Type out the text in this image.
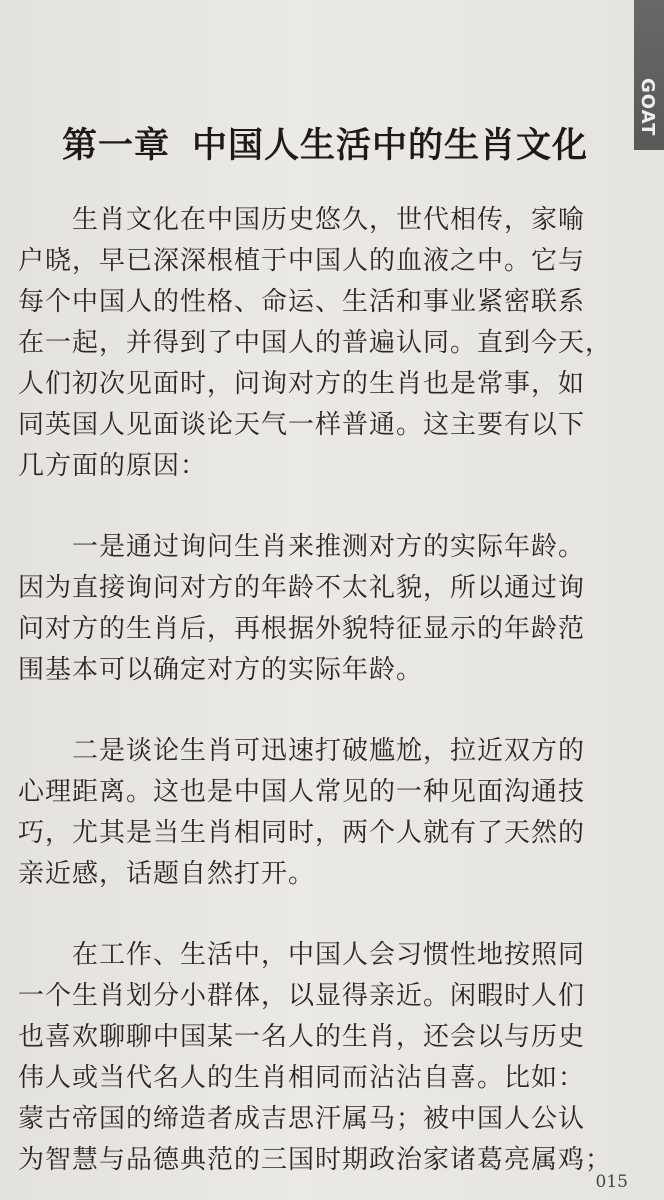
GOAT
第一章 中国人生活中的生肖文化
　　生肖文化在中国历史悠久，世代相传，家喻
户晓，早已深深根植于中国人的血液之中。它与
每个中国人的性格、命运、生活和事业紧密联系
在一起，并得到了中国人的普遍认同。直到今天，
人们初次见面时，问询对方的生肖也是常事，如
同英国人见面谈论天气一样普通。这主要有以下
几方面的原因：
　　一是通过询问生肖来推测对方的实际年龄。
因为直接询问对方的年龄不太礼貌，所以通过询
问对方的生肖后，再根据外貌特征显示的年龄范
围基本可以确定对方的实际年龄。
　　二是谈论生肖可迅速打破尴尬，拉近双方的
心理距离。这也是中国人常见的一种见面沟通技
巧，尤其是当生肖相同时，两个人就有了天然的
亲近感，话题自然打开。
　　在工作、生活中，中国人会习惯性地按照同
一个生肖划分小群体，以显得亲近。闲暇时人们
也喜欢聊聊中国某一名人的生肖，还会以与历史
伟人或当代名人的生肖相同而沾沾自喜。比如：
蒙古帝国的缔造者成吉思汗属马；被中国人公认
为智慧与品德典范的三国时期政治家诸葛亮属鸡；
015
